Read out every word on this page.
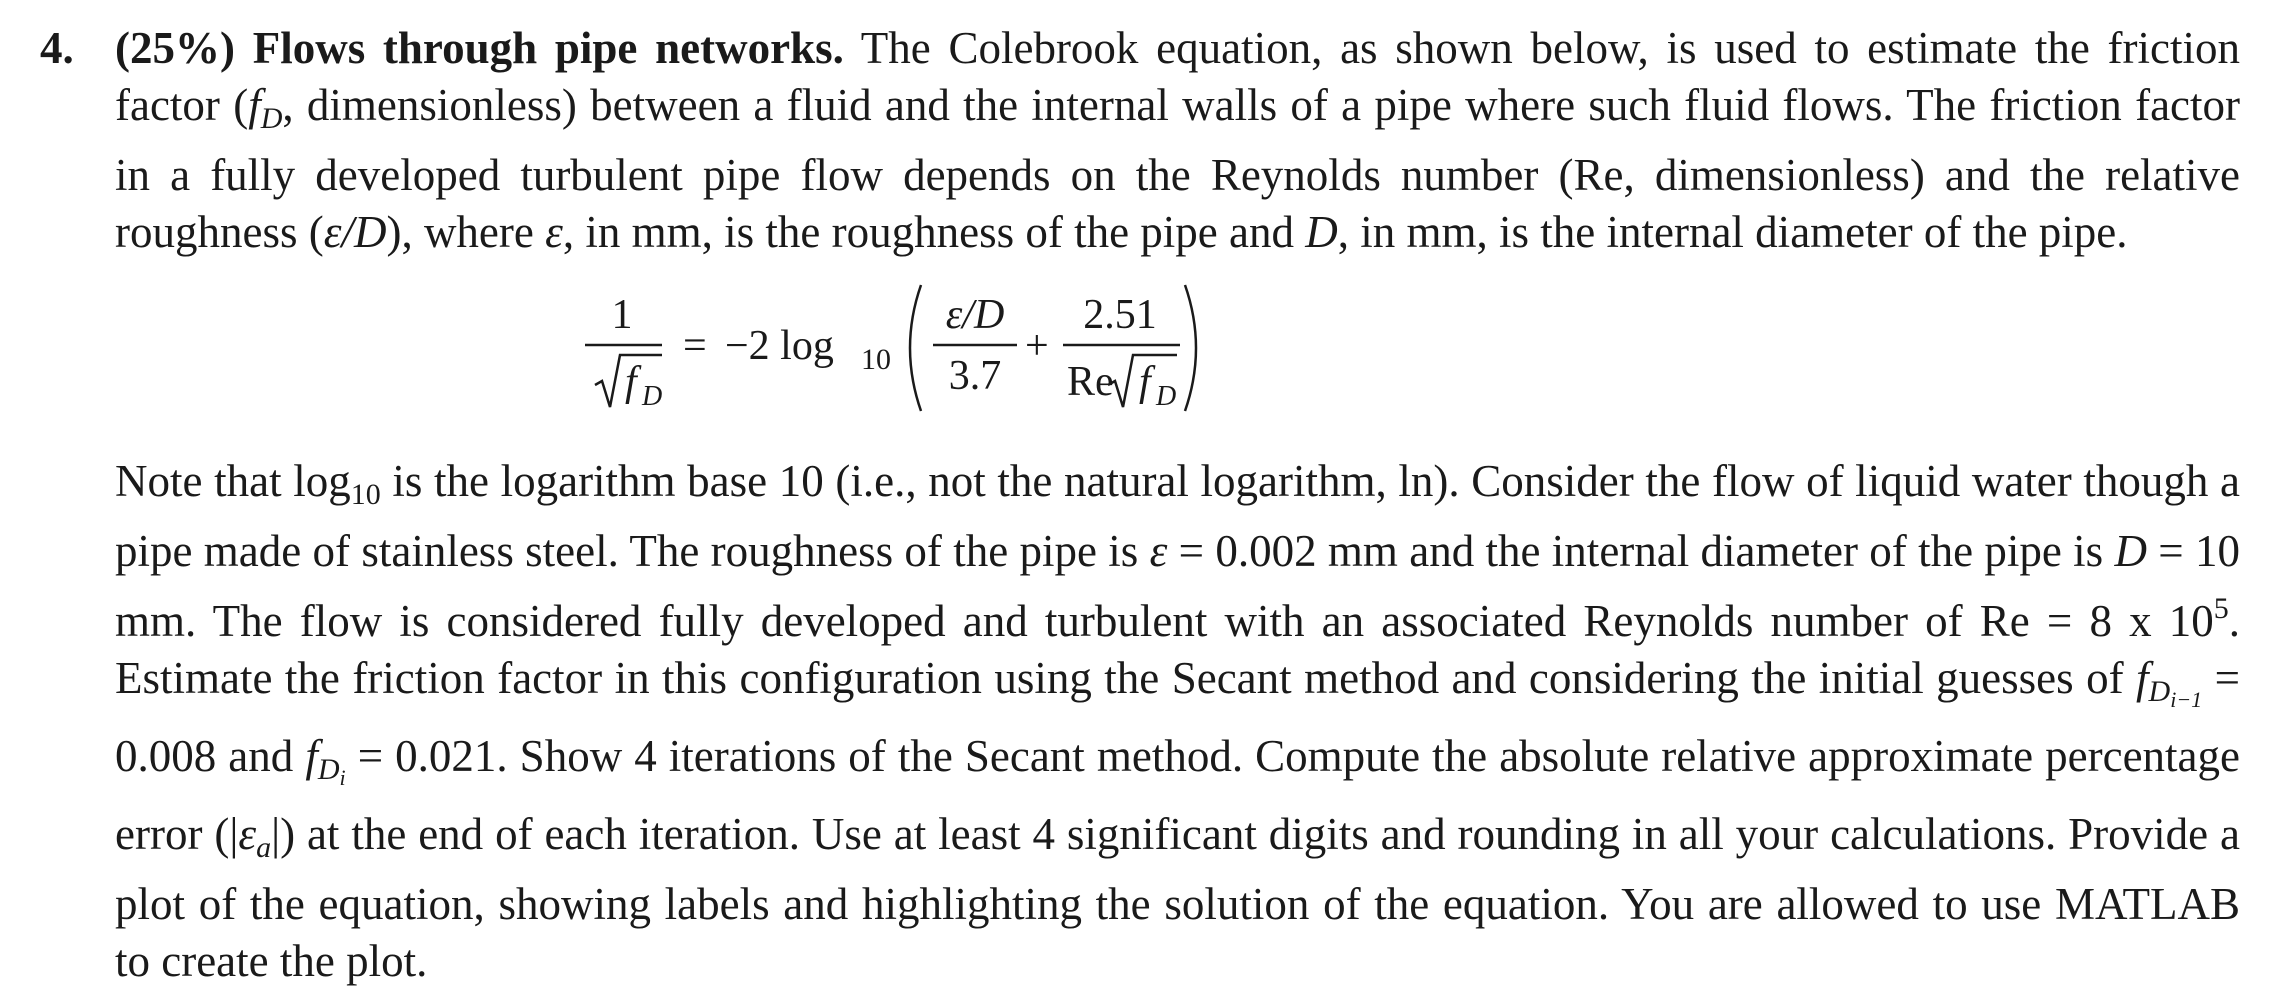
4. (25%) Flows through pipe networks. The Colebrook equation, as shown below, is used to estimate the friction factor ($f_D$, dimensionless) between a fluid and the internal walls of a pipe where such fluid flows. The friction factor in a fully developed turbulent pipe flow depends on the Reynolds number (Re, dimensionless) and the relative roughness (ε/D), where ε, in mm, is the roughness of the pipe and D, in mm, is the internal diameter of the pipe.

1
f D
= −2 log 10
ε/D
3.7
+
2.51
Re f D

Note that $\log_{10}$ is the logarithm base 10 (i.e., not the natural logarithm, ln). Consider the flow of liquid water though a pipe made of stainless steel. The roughness of the pipe is ε = 0.002 mm and the internal diameter of the pipe is D = 10 mm. The flow is considered fully developed and turbulent with an associated Reynolds number of Re = 8 x $10^5$. Estimate the friction factor in this configuration using the Secant method and considering the initial guesses of $f_{D_{i-1}} = 0.008$ and $f_{D_i} = 0.021$. Show 4 iterations of the Secant method. Compute the absolute relative approximate percentage error $(|\varepsilon_a|)$ at the end of each iteration. Use at least 4 significant digits and rounding in all your calculations. Provide a plot of the equation, showing labels and highlighting the solution of the equation. You are allowed to use MATLAB to create the plot.
